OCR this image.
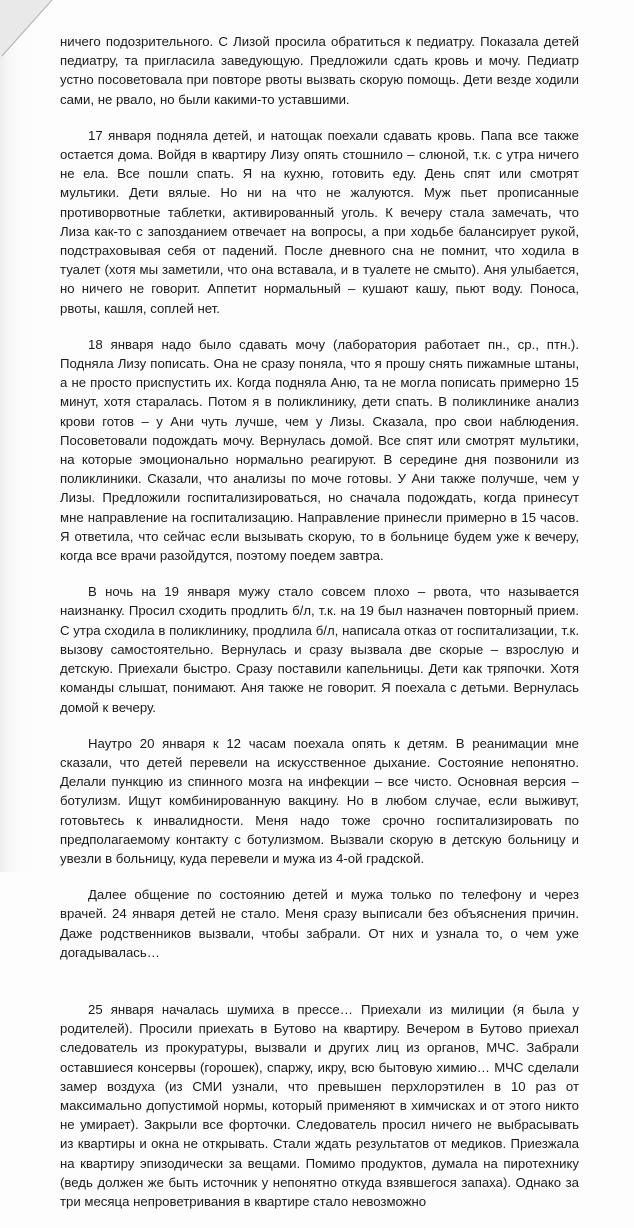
ничего подозрительного. С Лизой просила обратиться к педиатру. Показала детей педиатру, та пригласила заведующую. Предложили сдать кровь и мочу. Педиатр устно посоветовала при повторе рвоты вызвать скорую помощь. Дети везде ходили сами, не рвало, но были какими-то уставшими.

17 января подняла детей, и натощак поехали сдавать кровь. Папа все также остается дома. Войдя в квартиру Лизу опять стошнило – слюной, т.к. с утра ничего не ела. Все пошли спать. Я на кухню, готовить еду. День спят или смотрят мультики. Дети вялые. Но ни на что не жалуются. Муж пьет прописанные противорвотные таблетки, активированный уголь. К вечеру стала замечать, что Лиза как-то с запозданием отвечает на вопросы, а при ходьбе балансирует рукой, подстраховывая себя от падений. После дневного сна не помнит, что ходила в туалет (хотя мы заметили, что она вставала, и в туалете не смыто). Аня улыбается, но ничего не говорит. Аппетит нормальный – кушают кашу, пьют воду. Поноса, рвоты, кашля, соплей нет.

18 января надо было сдавать мочу (лаборатория работает пн., ср., птн.). Подняла Лизу пописать. Она не сразу поняла, что я прошу снять пижамные штаны, а не просто приспустить их. Когда подняла Аню, та не могла пописать примерно 15 минут, хотя старалась. Потом я в поликлинику, дети спать. В поликлинике анализ крови готов – у Ани чуть лучше, чем у Лизы. Сказала, про свои наблюдения. Посоветовали подождать мочу. Вернулась домой. Все спят или смотрят мультики, на которые эмоционально нормально реагируют. В середине дня позвонили из поликлиники. Сказали, что анализы по моче готовы. У Ани также получше, чем у Лизы. Предложили госпитализироваться, но сначала подождать, когда принесут мне направление на госпитализацию. Направление принесли примерно в 15 часов. Я ответила, что сейчас если вызывать скорую, то в больнице будем уже к вечеру, когда все врачи разойдутся, поэтому поедем завтра.

В ночь на 19 января мужу стало совсем плохо – рвота, что называется наизнанку. Просил сходить продлить б/л, т.к. на 19 был назначен повторный прием. С утра сходила в поликлинику, продлила б/л, написала отказ от госпитализации, т.к. вызову самостоятельно. Вернулась и сразу вызвала две скорые – взрослую и детскую. Приехали быстро. Сразу поставили капельницы. Дети как тряпочки. Хотя команды слышат, понимают. Аня также не говорит. Я поехала с детьми. Вернулась домой к вечеру.

Наутро 20 января к 12 часам поехала опять к детям. В реанимации мне сказали, что детей перевели на искусственное дыхание. Состояние непонятно. Делали пункцию из спинного мозга на инфекции – все чисто. Основная версия – ботулизм. Ищут комбинированную вакцину. Но в любом случае, если выживут, готовьтесь к инвалидности. Меня надо тоже срочно госпитализировать по предполагаемому контакту с ботулизмом. Вызвали скорую в детскую больницу и увезли в больницу, куда перевели и мужа из 4-ой градской.

Далее общение по состоянию детей и мужа только по телефону и через врачей. 24 января детей не стало. Меня сразу выписали без объяснения причин. Даже родственников вызвали, чтобы забрали. От них и узнала то, о чем уже догадывалась…

25 января началась шумиха в прессе… Приехали из милиции (я была у родителей). Просили приехать в Бутово на квартиру. Вечером в Бутово приехал следователь из прокуратуры, вызвали и других лиц из органов, МЧС. Забрали оставшиеся консервы (горошек), спаржу, икру, всю бытовую химию… МЧС сделали замер воздуха (из СМИ узнали, что превышен перхлорэтилен в 10 раз от максимально допустимой нормы, который применяют в химчисках и от этого никто не умирает). Закрыли все форточки. Следователь просил ничего не выбрасывать из квартиры и окна не открывать. Стали ждать результатов от медиков. Приезжала на квартиру эпизодически за вещами. Помимо продуктов, думала на пиротехнику (ведь должен же быть источник у непонятно откуда взявшегося запаха). Однако за три месяца непроветривания в квартире стало невозможно
